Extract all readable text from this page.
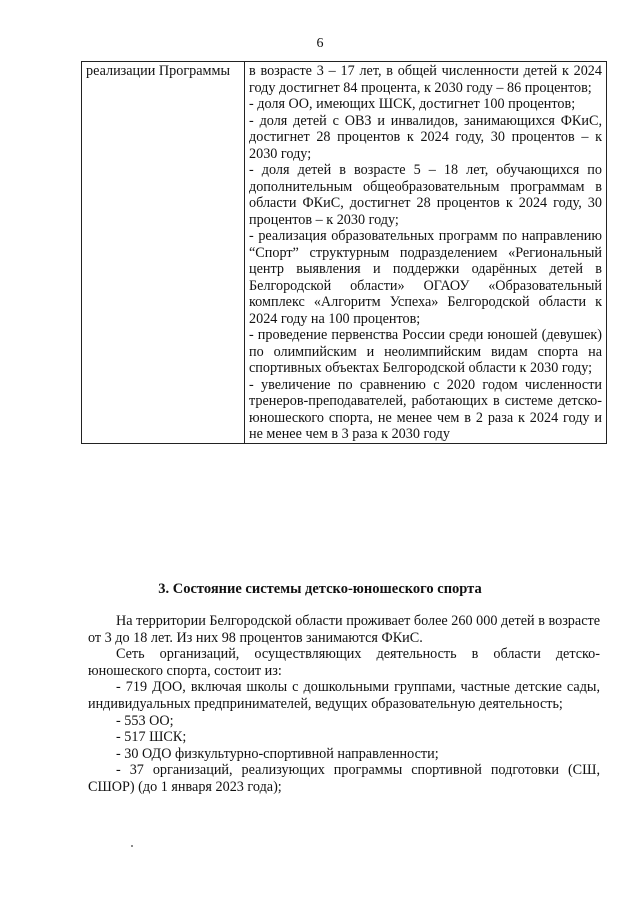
6
реализации Программы	в возрасте 3 – 17 лет, в общей численности детей к 2024 году достигнет 84 процента, к 2030 году – 86 процентов;
- доля ОО, имеющих ШСК, достигнет 100 процентов;
- доля детей с ОВЗ и инвалидов, занимающихся ФКиС, достигнет 28 процентов к 2024 году, 30 процентов – к 2030 году;
- доля детей в возрасте 5 – 18 лет, обучающихся по дополнительным общеобразовательным программам в области ФКиС, достигнет 28 процентов к 2024 году, 30 процентов – к 2030 году;
- реализация образовательных программ по направлению “Спорт” структурным подразделением «Региональный центр выявления и поддержки одарённых детей в Белгородской области» ОГАОУ «Образовательный комплекс «Алгоритм Успеха» Белгородской области к 2024 году на 100 процентов;
- проведение первенства России среди юношей (девушек) по олимпийским и неолимпийским видам спорта на спортивных объектах Белгородской области к 2030 году;
- увеличение по сравнению с 2020 годом численности тренеров-преподавателей, работающих в системе детско-юношеского спорта, не менее чем в 2 раза к 2024 году и не менее чем в 3 раза к 2030 году
3. Состояние системы детско-юношеского спорта

На территории Белгородской области проживает более 260 000 детей в возрасте от 3 до 18 лет. Из них 98 процентов занимаются ФКиС.

Сеть организаций, осуществляющих деятельность в области детско-юношеского спорта, состоит из:

- 719 ДОО, включая школы с дошкольными группами, частные детские сады, индивидуальных предпринимателей, ведущих образовательную деятельность;

- 553 ОО;

- 517 ШСК;

- 30 ОДО физкультурно-спортивной направленности;

- 37 организаций, реализующих программы спортивной подготовки (СШ, СШОР) (до 1 января 2023 года);
